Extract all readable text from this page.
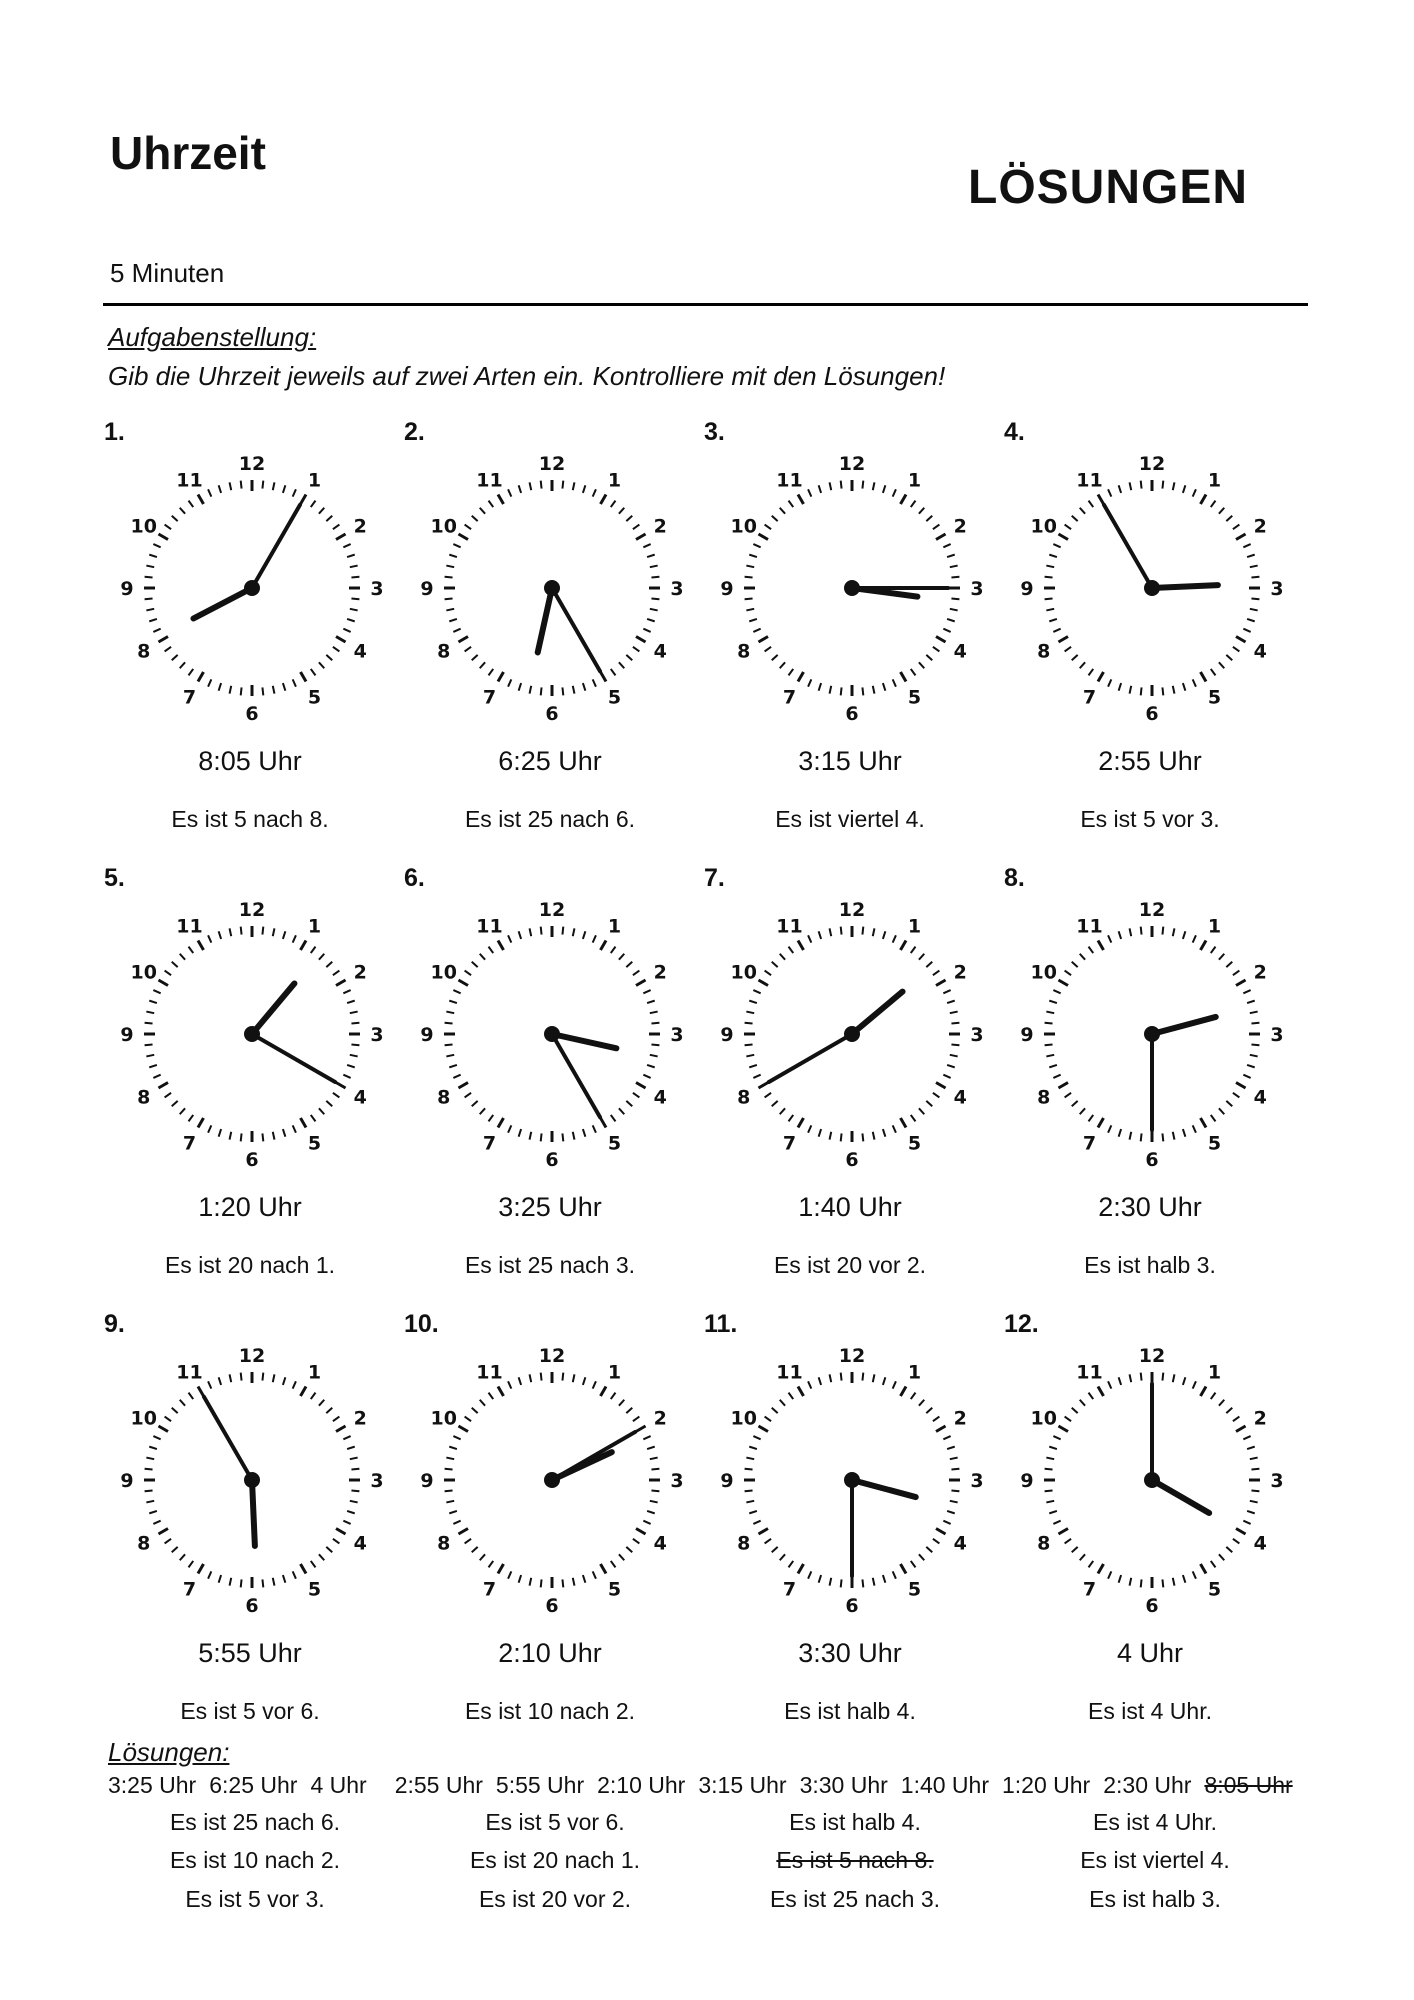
Uhrzeit
LÖSUNGEN
5 Minuten
Aufgabenstellung:
Gib die Uhrzeit jeweils auf zwei Arten ein. Kontrolliere mit den Lösungen!
1.
12
1
2
3
4
5
6
7
8
9
10
11
8:05 Uhr
Es ist 5 nach 8.
2.
12
1
2
3
4
5
6
7
8
9
10
11
6:25 Uhr
Es ist 25 nach 6.
3.
12
1
2
3
4
5
6
7
8
9
10
11
3:15 Uhr
Es ist viertel 4.
4.
12
1
2
3
4
5
6
7
8
9
10
11
2:55 Uhr
Es ist 5 vor 3.
5.
12
1
2
3
4
5
6
7
8
9
10
11
1:20 Uhr
Es ist 20 nach 1.
6.
12
1
2
3
4
5
6
7
8
9
10
11
3:25 Uhr
Es ist 25 nach 3.
7.
12
1
2
3
4
5
6
7
8
9
10
11
1:40 Uhr
Es ist 20 vor 2.
8.
12
1
2
3
4
5
6
7
8
9
10
11
2:30 Uhr
Es ist halb 3.
9.
12
1
2
3
4
5
6
7
8
9
10
11
5:55 Uhr
Es ist 5 vor 6.
10.
12
1
2
3
4
5
6
7
8
9
10
11
2:10 Uhr
Es ist 10 nach 2.
11.
12
1
2
3
4
5
6
7
8
9
10
11
3:30 Uhr
Es ist halb 4.
12.
12
1
2
3
4
5
6
7
8
9
10
11
4 Uhr
Es ist 4 Uhr.
Lösungen:
3:25 Uhr 6:25 Uhr 4 Uhr 2:55 Uhr 5:55 Uhr 2:10 Uhr 3:15 Uhr 3:30 Uhr 1:40 Uhr 1:20 Uhr 2:30 Uhr 8:05 Uhr
Es ist 25 nach 6.	Es ist 5 vor 6.	Es ist halb 4.	Es ist 4 Uhr.
Es ist 10 nach 2.	Es ist 20 nach 1.	Es ist 5 nach 8.	Es ist viertel 4.
Es ist 5 vor 3.	Es ist 20 vor 2.	Es ist 25 nach 3.	Es ist halb 3.
